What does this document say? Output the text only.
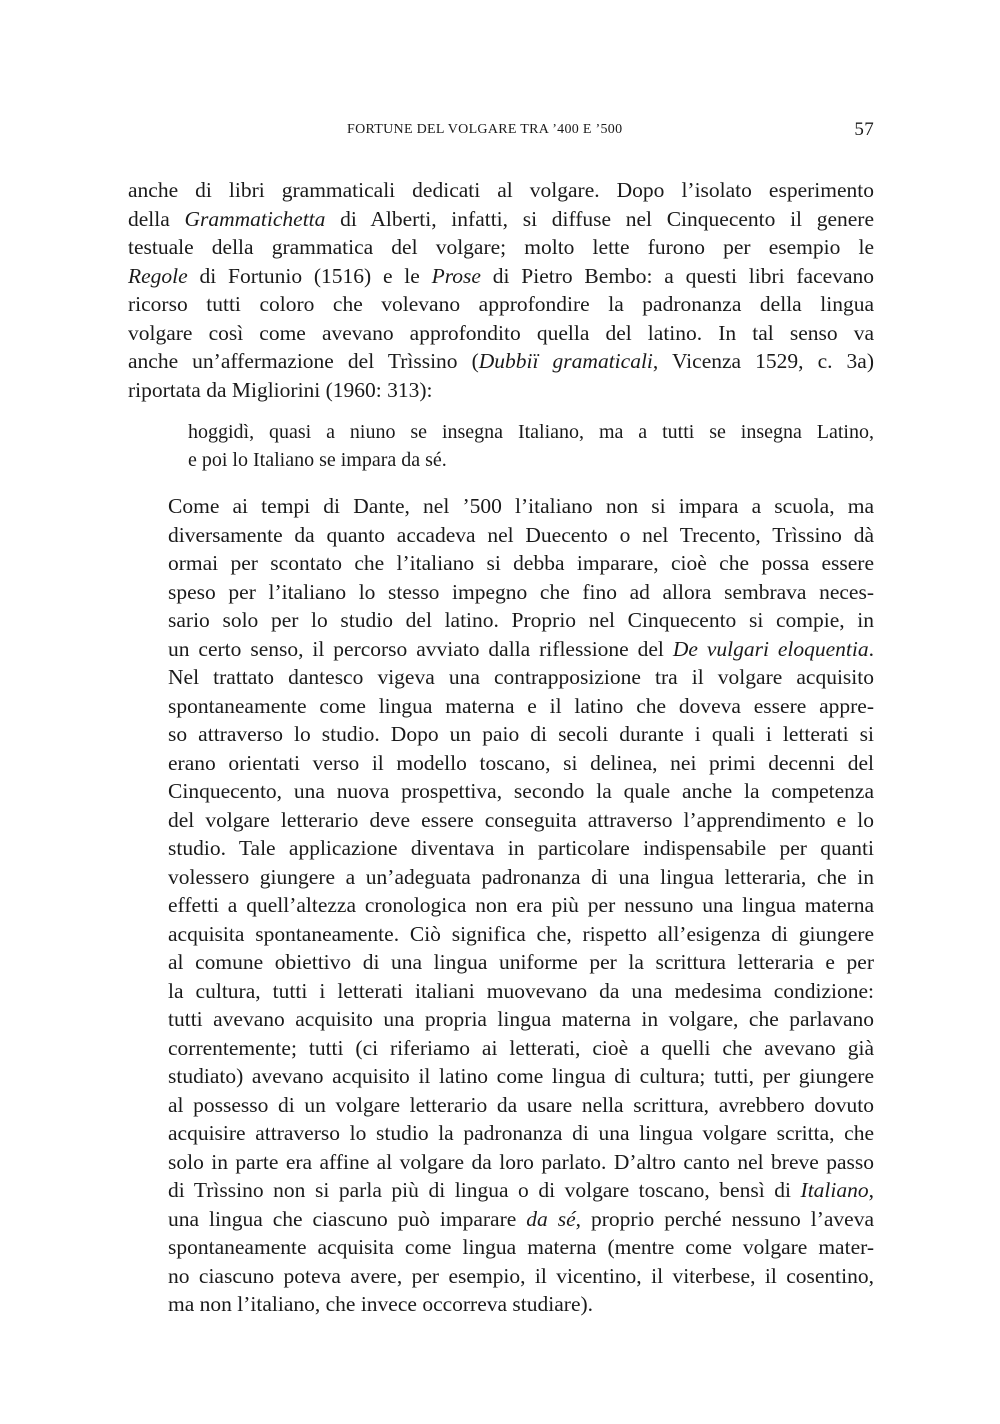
FORTUNE DEL VOLGARE TRA ’400 E ’500	57

anche di libri grammaticali dedicati al volgare. Dopo l’isolato esperimento
della Grammatichetta di Alberti, infatti, si diffuse nel Cinquecento il genere
testuale della grammatica del volgare; molto lette furono per esempio le
Regole di Fortunio (1516) e le Prose di Pietro Bembo: a questi libri facevano
ricorso tutti coloro che volevano approfondire la padronanza della lingua
volgare così come avevano approfondito quella del latino. In tal senso va
anche un’affermazione del Trìssino (Dubbiï gramaticali, Vicenza 1529, c. 3a)
riportata da Migliorini (1960: 313):

hoggidì, quasi a niuno se insegna Italiano, ma a tutti se insegna Latino,
e poi lo Italiano se impara da sé.

Come ai tempi di Dante, nel ’500 l’italiano non si impara a scuola, ma
diversamente da quanto accadeva nel Duecento o nel Trecento, Trìssino dà
ormai per scontato che l’italiano si debba imparare, cioè che possa essere
speso per l’italiano lo stesso impegno che fino ad allora sembrava neces-
sario solo per lo studio del latino. Proprio nel Cinquecento si compie, in
un certo senso, il percorso avviato dalla riflessione del De vulgari eloquentia.
Nel trattato dantesco vigeva una contrapposizione tra il volgare acquisito
spontaneamente come lingua materna e il latino che doveva essere appre-
so attraverso lo studio. Dopo un paio di secoli durante i quali i letterati si
erano orientati verso il modello toscano, si delinea, nei primi decenni del
Cinquecento, una nuova prospettiva, secondo la quale anche la competenza
del volgare letterario deve essere conseguita attraverso l’apprendimento e lo
studio. Tale applicazione diventava in particolare indispensabile per quanti
volessero giungere a un’adeguata padronanza di una lingua letteraria, che in
effetti a quell’altezza cronologica non era più per nessuno una lingua materna
acquisita spontaneamente. Ciò significa che, rispetto all’esigenza di giungere
al comune obiettivo di una lingua uniforme per la scrittura letteraria e per
la cultura, tutti i letterati italiani muovevano da una medesima condizione:
tutti avevano acquisito una propria lingua materna in volgare, che parlavano
correntemente; tutti (ci riferiamo ai letterati, cioè a quelli che avevano già
studiato) avevano acquisito il latino come lingua di cultura; tutti, per giungere
al possesso di un volgare letterario da usare nella scrittura, avrebbero dovuto
acquisire attraverso lo studio la padronanza di una lingua volgare scritta, che
solo in parte era affine al volgare da loro parlato. D’altro canto nel breve passo
di Trìssino non si parla più di lingua o di volgare toscano, bensì di Italiano,
una lingua che ciascuno può imparare da sé, proprio perché nessuno l’aveva
spontaneamente acquisita come lingua materna (mentre come volgare mater-
no ciascuno poteva avere, per esempio, il vicentino, il viterbese, il cosentino,
ma non l’italiano, che invece occorreva studiare).
